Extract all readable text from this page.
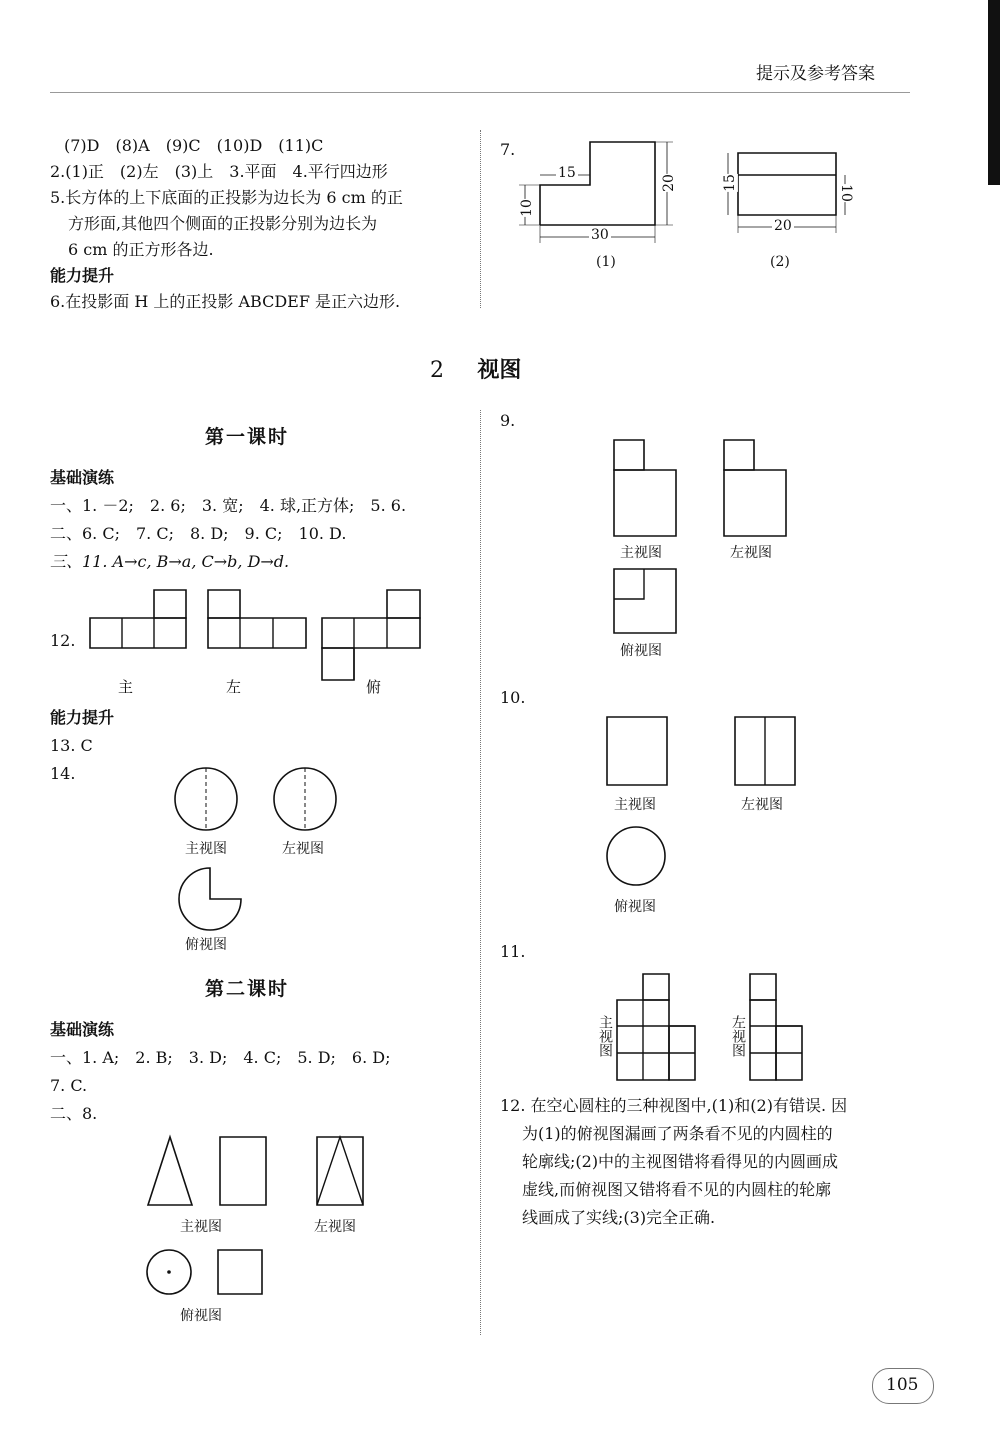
提示及参考答案
(7)D　(8)A　(9)C　(10)D　(11)C
2.(1)正　(2)左　(3)上　3.平面　4.平行四边形
5.长方体的上下底面的正投影为边长为 6 cm 的正
方形面,其他四个侧面的正投影分别为边长为
6 cm 的正方形各边.
能力提升
6.在投影面 H 上的正投影 ABCDEF 是正六边形.
7.
15
20
10
30
(1)
15
10
20
(2)
2 视图
第一课时
基础演练
一、1. －2;　2. 6;　3. 宽;　4. 球,正方体;　5. 6.
二、6. C;　7. C;　8. D;　9. C;　10. D.
三、11. A→c, B→a, C→b, D→d.
12.
主	左	俯
能力提升
13. C
14.
主视图	左视图
俯视图
第二课时
基础演练
一、1. A;　2. B;　3. D;　4. C;　5. D;　6. D;
7. C.
二、8.
主视图	左视图
俯视图
9.
主视图	左视图
俯视图
10.
主视图	左视图
俯视图
11.
主视图	左视图
12. 在空心圆柱的三种视图中,(1)和(2)有错误. 因
为(1)的俯视图漏画了两条看不见的内圆柱的
轮廓线;(2)中的主视图错将看得见的内圆画成
虚线,而俯视图又错将看不见的内圆柱的轮廓
线画成了实线;(3)完全正确.
105
